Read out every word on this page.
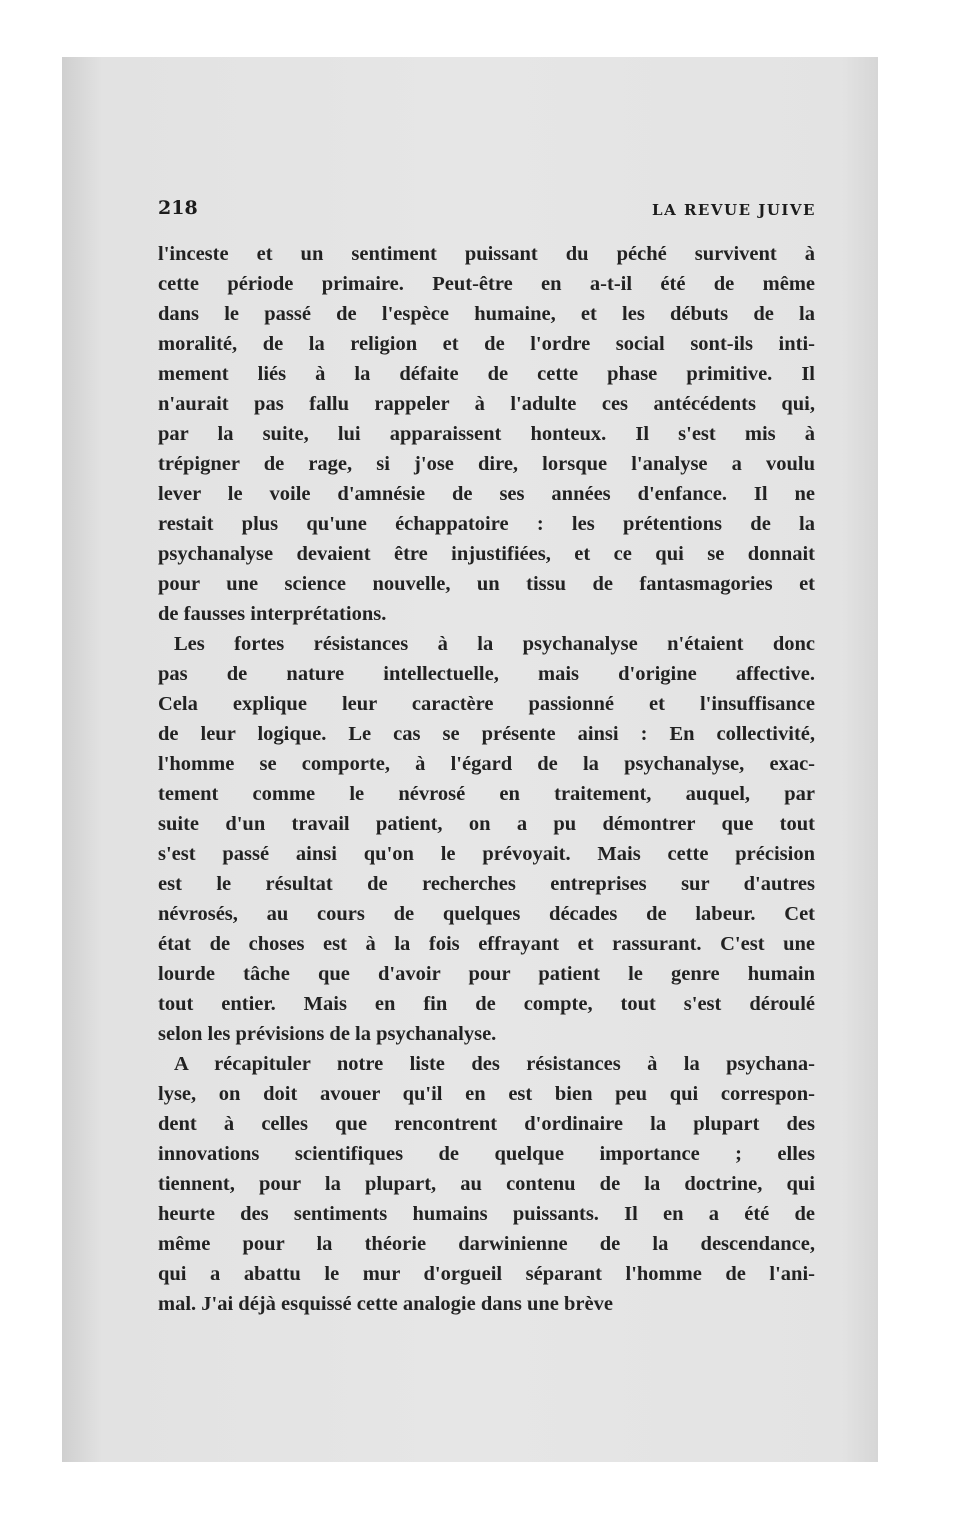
218	LA REVUE JUIVE
l'inceste et un sentiment puissant du péché survivent à
cette période primaire. Peut-être en a-t-il été de même
dans le passé de l'espèce humaine, et les débuts de la
moralité, de la religion et de l'ordre social sont-ils inti-
mement liés à la défaite de cette phase primitive. Il
n'aurait pas fallu rappeler à l'adulte ces antécédents qui,
par la suite, lui apparaissent honteux. Il s'est mis à
trépigner de rage, si j'ose dire, lorsque l'analyse a voulu
lever le voile d'amnésie de ses années d'enfance. Il ne
restait plus qu'une échappatoire : les prétentions de la
psychanalyse devaient être injustifiées, et ce qui se donnait
pour une science nouvelle, un tissu de fantasmagories et
de fausses interprétations.
Les fortes résistances à la psychanalyse n'étaient donc
pas de nature intellectuelle, mais d'origine affective.
Cela explique leur caractère passionné et l'insuffisance
de leur logique. Le cas se présente ainsi : En collectivité,
l'homme se comporte, à l'égard de la psychanalyse, exac-
tement comme le névrosé en traitement, auquel, par
suite d'un travail patient, on a pu démontrer que tout
s'est passé ainsi qu'on le prévoyait. Mais cette précision
est le résultat de recherches entreprises sur d'autres
névrosés, au cours de quelques décades de labeur. Cet
état de choses est à la fois effrayant et rassurant. C'est une
lourde tâche que d'avoir pour patient le genre humain
tout entier. Mais en fin de compte, tout s'est déroulé
selon les prévisions de la psychanalyse.
A récapituler notre liste des résistances à la psychana-
lyse, on doit avouer qu'il en est bien peu qui correspon-
dent à celles que rencontrent d'ordinaire la plupart des
innovations scientifiques de quelque importance ; elles
tiennent, pour la plupart, au contenu de la doctrine, qui
heurte des sentiments humains puissants. Il en a été de
même pour la théorie darwinienne de la descendance,
qui a abattu le mur d'orgueil séparant l'homme de l'ani-
mal. J'ai déjà esquissé cette analogie dans une brève
